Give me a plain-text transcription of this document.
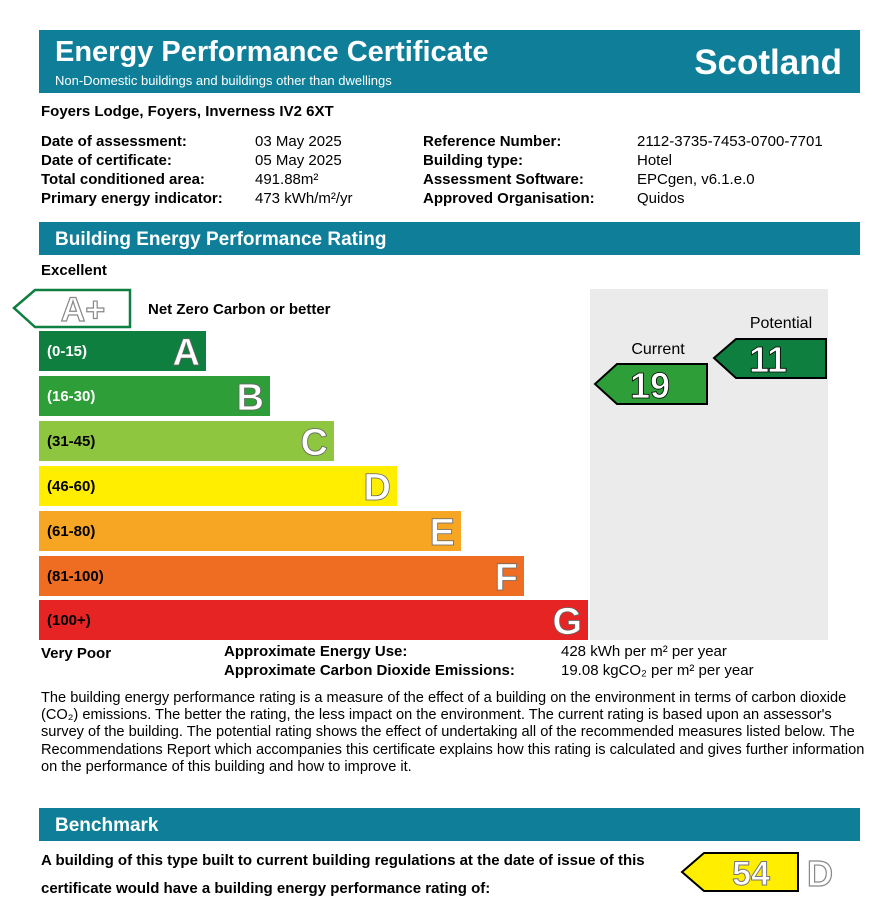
Energy Performance Certificate
Non-Domestic buildings and buildings other than dwellings	Scotland
Foyers Lodge, Foyers, Inverness IV2 6XT
Date of assessment:	03 May 2025
Date of certificate:	05 May 2025
Total conditioned area:	491.88m²
Primary energy indicator: 473 kWh/m²/yr
Reference Number:	2112-3735-7453-0700-7701
Building type:	Hotel
Assessment Software:	EPCgen, v6.1.e.0
Approved Organisation:	Quidos
Building Energy Performance Rating
Excellent
A+	Net Zero Carbon or better
(0-15) A
(16-30)	B
(31-45)	C
(46-60)	D
(61-80)	E
(81-100)	F
(100+)	G
Current
19
Potential
11
Very Poor	Approximate Energy Use:	428 kWh per m² per year
Approximate Carbon Dioxide Emissions:	19.08 kgCO₂ per m² per year
The building energy performance rating is a measure of the effect of a building on the environment in terms of carbon dioxide (CO₂) emissions. The better the rating, the less impact on the environment. The current rating is based upon an assessor's survey of the building. The potential rating shows the effect of undertaking all of the recommended measures listed below. The Recommendations Report which accompanies this certificate explains how this rating is calculated and gives further information on the performance of this building and how to improve it.
Benchmark
A building of this type built to current building regulations at the date of issue of this certificate would have a building energy performance rating of:	54 D
